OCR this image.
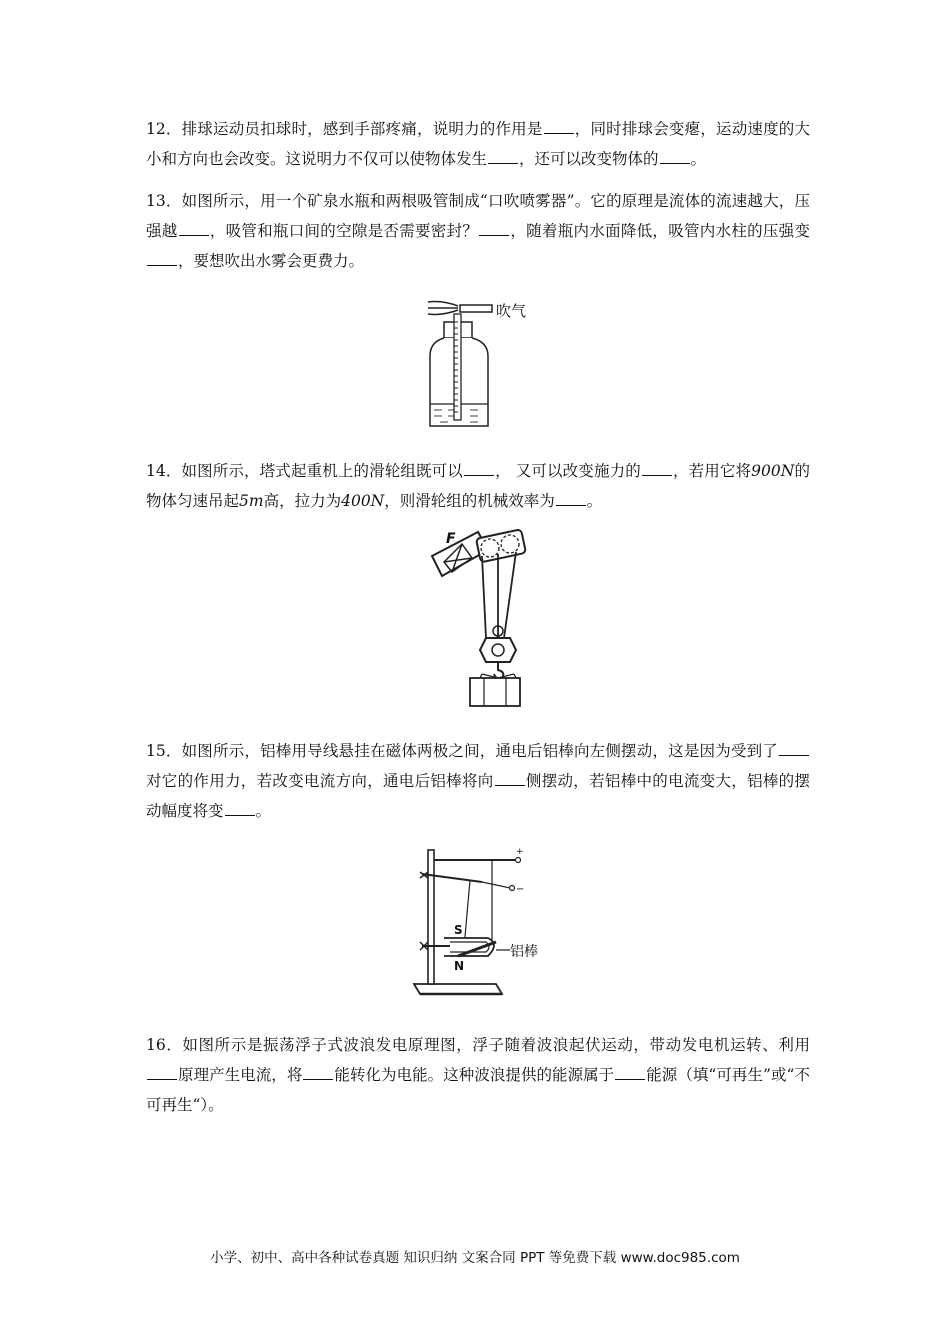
12．排球运动员扣球时，感到手部疼痛，说明力的作用是 ，同时排球会变瘪，运动速度的大小和方向也会改变。这说明力不仅可以使物体发生 ，还可以改变物体的 。

13．如图所示，用一个矿泉水瓶和两根吸管制成“口吹喷雾器”。它的原理是流体的流速越大，压强越 ，吸管和瓶口间的空隙是否需要密封？ ，随着瓶内水面降低，吸管内水柱的压强变，要想吹出水雾会更费力。

吹气

14．如图所示，塔式起重机上的滑轮组既可以 ， 又可以改变施力的 ，若用它将900N的物体匀速吊起5m高，拉力为400N，则滑轮组的机械效率为 。

F

15．如图所示，铝棒用导线悬挂在磁体两极之间，通电后铝棒向左侧摆动，这是因为受到了对它的作用力，若改变电流方向，通电后铝棒将向 侧摆动，若铝棒中的电流变大，铝棒的摆动幅度将变 。

+
−
S
N
铝棒

16．如图所示是振荡浮子式波浪发电原理图，浮子随着波浪起伏运动，带动发电机运转、利用原理产生电流，将 能转化为电能。这种波浪提供的能源属于 能源（填“可再生”或“不可再生“）。

小学、初中、高中各种试卷真题 知识归纳 文案合同 PPT 等免费下载 www.doc985.com
